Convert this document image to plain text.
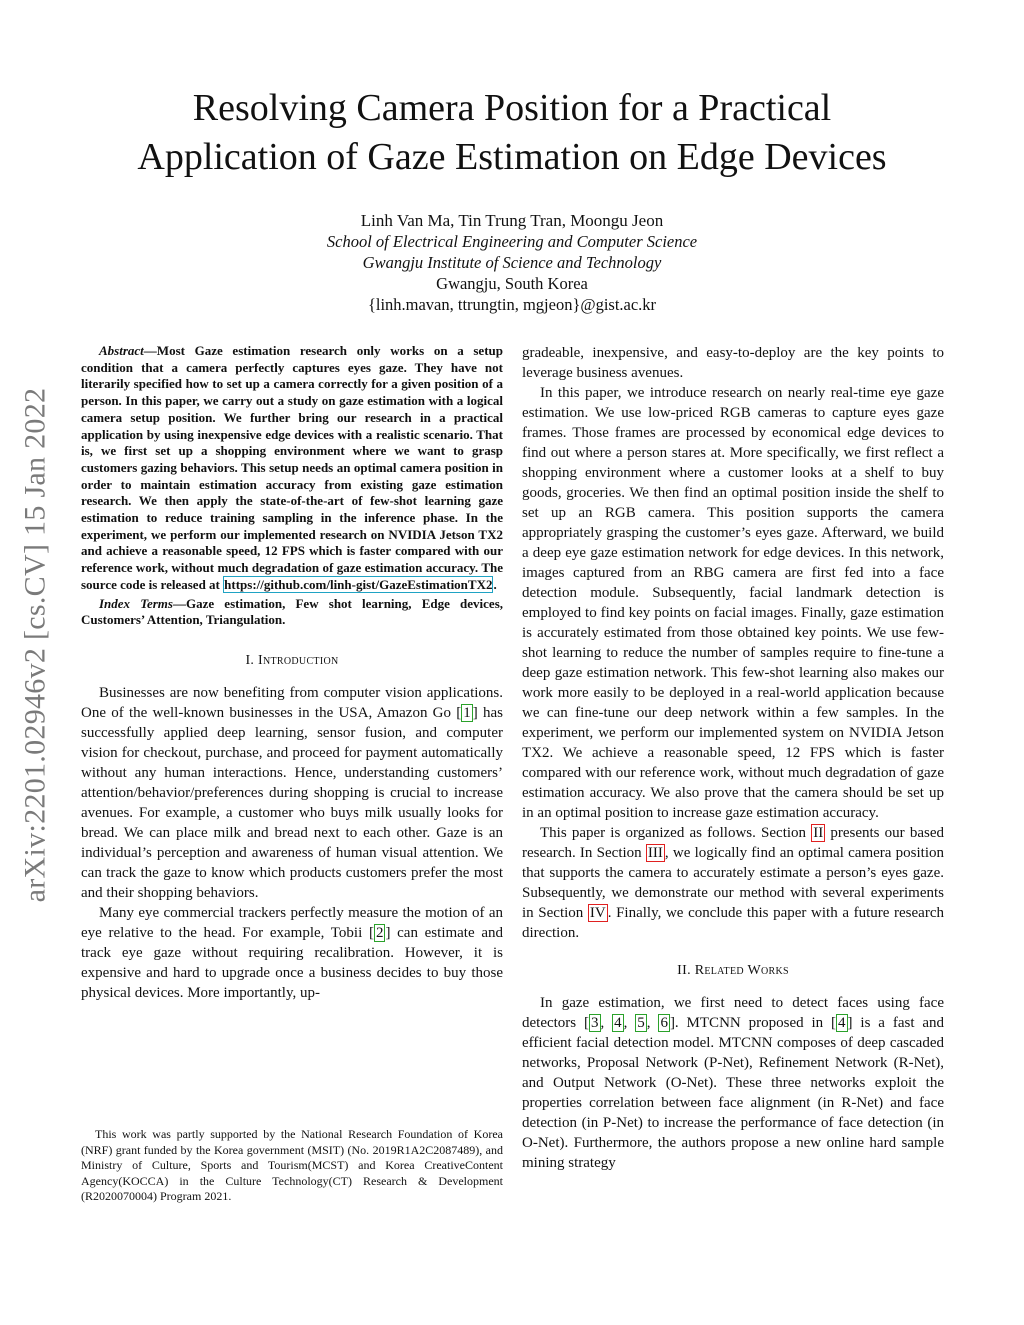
arXiv:2201.02946v2 [cs.CV] 15 Jan 2022
Resolving Camera Position for a Practical
Application of Gaze Estimation on Edge Devices
Linh Van Ma, Tin Trung Tran, Moongu Jeon
School of Electrical Engineering and Computer Science
Gwangju Institute of Science and Technology
Gwangju, South Korea
{linh.mavan, ttrungtin, mgjeon}@gist.ac.kr

Abstract—Most Gaze estimation research only works on a setup condition that a camera perfectly captures eyes gaze. They have not literarily specified how to set up a camera correctly for a given position of a person. In this paper, we carry out a study on gaze estimation with a logical camera setup position. We further bring our research in a practical application by using inexpensive edge devices with a realistic scenario. That is, we first set up a shopping environment where we want to grasp customers gazing behaviors. This setup needs an optimal camera position in order to maintain estimation accuracy from existing gaze estimation research. We then apply the state-of-the-art of few-shot learning gaze estimation to reduce training sampling in the inference phase. In the experiment, we perform our implemented research on NVIDIA Jetson TX2 and achieve a reasonable speed, 12 FPS which is faster compared with our reference work, without much degradation of gaze estimation accuracy. The source code is released at https://github.com/linh-gist/GazeEstimationTX2.

Index Terms—Gaze estimation, Few shot learning, Edge devices, Customers’ Attention, Triangulation.

I. Introduction

Businesses are now benefiting from computer vision applications. One of the well-known businesses in the USA, Amazon Go [ 1 ] has successfully applied deep learning, sensor fusion, and computer vision for checkout, purchase, and proceed for payment automatically without any human interactions. Hence, understanding customers’ attention/behavior/preferences during shopping is crucial to increase avenues. For example, a customer who buys milk usually looks for bread. We can place milk and bread next to each other. Gaze is an individual’s perception and awareness of human visual attention. We can track the gaze to know which products customers prefer the most and their shopping behaviors.

Many eye commercial trackers perfectly measure the motion of an eye relative to the head. For example, Tobii [ 2 ] can estimate and track eye gaze without requiring recalibration. However, it is expensive and hard to upgrade once a business decides to buy those physical devices. More importantly, up-

This work was partly supported by the National Research Foundation of Korea (NRF) grant funded by the Korea government (MSIT) (No. 2019R1A2C2087489), and Ministry of Culture, Sports and Tourism(MCST) and Korea CreativeContent Agency(KOCCA) in the Culture Technology(CT) Research & Development (R2020070004) Program 2021.

gradeable, inexpensive, and easy-to-deploy are the key points to leverage business avenues.

In this paper, we introduce research on nearly real-time eye gaze estimation. We use low-priced RGB cameras to capture eyes gaze frames. Those frames are processed by economical edge devices to find out where a person stares at. More specifically, we first reflect a shopping environment where a customer looks at a shelf to buy goods, groceries. We then find an optimal position inside the shelf to set up an RGB camera. This position supports the camera appropriately grasping the customer’s eyes gaze. Afterward, we build a deep eye gaze estimation network for edge devices. In this network, images captured from an RBG camera are first fed into a face detection module. Subsequently, facial landmark detection is employed to find key points on facial images. Finally, gaze estimation is accurately estimated from those obtained key points. We use few-shot learning to reduce the number of samples require to fine-tune a deep gaze estimation network. This few-shot learning also makes our work more easily to be deployed in a real-world application because we can fine-tune our deep network within a few samples. In the experiment, we perform our implemented system on NVIDIA Jetson TX2. We achieve a reasonable speed, 12 FPS which is faster compared with our reference work, without much degradation of gaze estimation accuracy. We also prove that the camera should be set up in an optimal position to increase gaze estimation accuracy.

This paper is organized as follows. Section II presents our based research. In Section III , we logically find an optimal camera position that supports the camera to accurately estimate a person’s eyes gaze. Subsequently, we demonstrate our method with several experiments in Section IV . Finally, we conclude this paper with a future research direction.

II. Related Works

In gaze estimation, we first need to detect faces using face detectors [ 3 , 4 , 5 , 6 ]. MTCNN proposed in [ 4 ] is a fast and efficient facial detection model. MTCNN composes of deep cascaded networks, Proposal Network (P-Net), Refinement Network (R-Net), and Output Network (O-Net). These three networks exploit the properties correlation between face alignment (in R-Net) and face detection (in P-Net) to increase the performance of face detection (in O-Net). Furthermore, the authors propose a new online hard sample mining strategy
